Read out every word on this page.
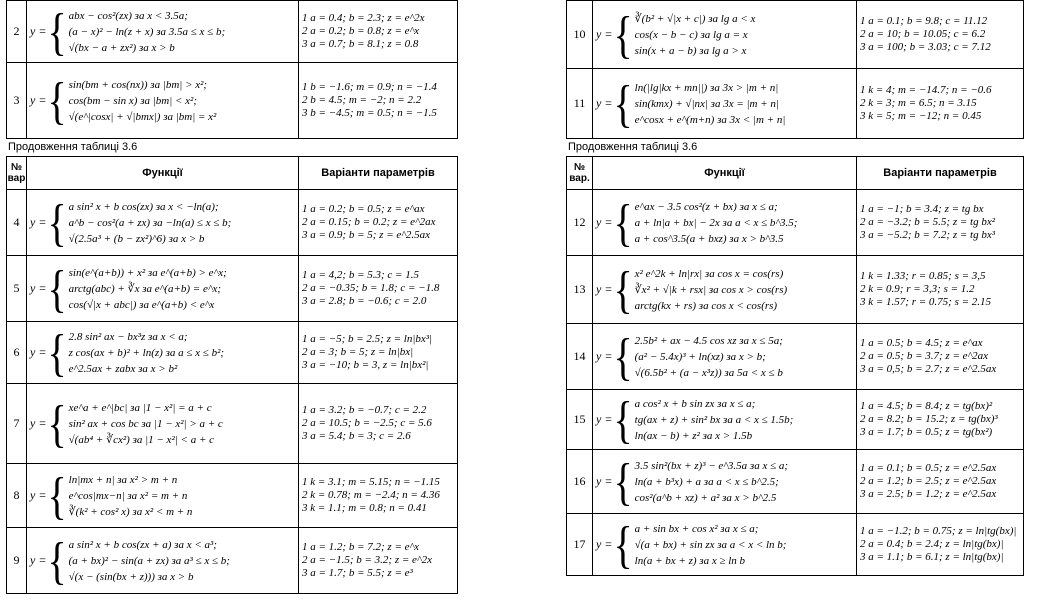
2	y = { abx − cos²(zx) за x < 3.5a;
(a − x)² − ln(z + x) за 3.5a ≤ x ≤ b;
√(bx − a + zx²) за x > b	1 a = 0.4; b = 2.3; z = e^2x
2 a = 0.2; b = 0.8; z = e^x
3 a = 0.7; b = 8.1; z = 0.8

3	y = { sin(bm + cos(nx)) за |bm| > x²;
cos(bm − sin x) за |bm| < x²;
√(e^|cosx| + √|bmx|) за |bm| = x²	1 b = −1.6; m = 0.9; n = −1.4
2 b = 4.5; m = −2; n = 2.2
3 b = −4.5; m = 0.5; n = −1.5
Продовження таблиці 3.6
№ вар	Функції	Варіанти параметрів
4	y = { a sin² x + b cos(zx) за x < −ln(a);
a^b − cos²(a + zx) за −ln(a) ≤ x ≤ b;
√(2.5a³ + (b − zx²)^6) за x > b	1 a = 0.2; b = 0.5; z = e^ax
2 a = 0.15; b = 0.2; z = e^2ax
3 a = 0.9; b = 5; z = e^2.5ax

5	y = { sin(e^(a+b)) + x² за e^(a+b) > e^x;
arctg(abc) + ∛x за e^(a+b) = e^x;
cos(√|x + abc|) за e^(a+b) < e^x	1 a = 4,2; b = 5.3; c = 1.5
2 a = −0.35; b = 1.8; c = −1.8
3 a = 2.8; b = −0.6; c = 2.0

6	y = { 2.8 sin² ax − bx³z за x < a;
z cos(ax + b)² + ln(z) за a ≤ x ≤ b²;
e^2.5ax + zabx за x > b²	1 a = −5; b = 2.5; z = ln|bx³|
2 a = 3; b = 5; z = ln|bx|
3 a = −10; b = 3, z = ln|bx²|

7	y = { xe^a + e^|bc| за |1 − x²| = a + c
sin² ax + cos bc за |1 − x²| > a + c
√(ab⁴ + ∛cx²) за |1 − x²| < a + c	1 a = 3.2; b = −0.7; c = 2.2
2 a = 10.5; b = −2.5; c = 5.6
3 a = 5.4; b = 3; c = 2.6

8	y = { ln|mx + n| за x² > m + n
e^cos|mx−n| за x² = m + n
∛(k² + cos² x) за x² < m + n	1 k = 3.1; m = 5.15; n = −1.15
2 k = 0.78; m = −2.4; n = 4.36
3 k = 1.1; m = 0.8; n = 0.41

9	y = { a sin² x + b cos(zx + a) за x < a³;
(a + bx)² − sin(a + zx) за a³ ≤ x ≤ b;
√(x − (sin(bx + z))) за x > b	1 a = 1.2; b = 7.2; z = e^x
2 a = −1.5; b = 3.2; z = e^2x
3 a = 1.7; b = 5.5; z = e³
10	y = { ∛(b² + √|x + c|) за lg a < x
cos(x − b − c) за lg a = x
sin(x + a − b) за lg a > x	1 a = 0.1; b = 9.8; c = 11.12
2 a = 10; b = 10.05; c = 6.2
3 a = 100; b = 3.03; c = 7.12

11	y = { ln(|lg|kx + mn||) за 3x > |m + n|
sin(kmx) + √|nx| за 3x = |m + n|
e^cosx + e^(m+n) за 3x < |m + n|	1 k = 4; m = −14.7; n = −0.6
2 k = 3; m = 6.5; n = 3.15
3 k = 5; m = −12; n = 0.45
Продовження таблиці 3.6
№ вар.	Функції	Варіанти параметрів
12	y = { e^ax − 3.5 cos²(z + bx) за x ≤ a;
a + ln|a + bx| − 2x за a < x ≤ b^3.5;
a + cos^3.5(a + bxz) за x > b^3.5	1 a = −1; b = 3.4; z = tg bx
2 a = −3.2; b = 5.5; z = tg bx²
3 a = −5.2; b = 7.2; z = tg bx³

13	y = { x² e^2k + ln|rx| за cos x = cos(rs)
∛x² + √|k + rsx| за cos x > cos(rs)
arctg(kx + rs) за cos x < cos(rs)	1 k = 1.33; r = 0.85; s = 3,5
2 k = 0.9; r = 3,3; s = 1.2
3 k = 1.57; r = 0.75; s = 2.15

14	y = { 2.5b² + ax − 4.5 cos xz за x ≤ 5a;
(a² − 5.4x)³ + ln(xz) за x > b;
√(6.5b² + (a − x³z)) за 5a < x ≤ b	1 a = 0.5; b = 4.5; z = e^ax
2 a = 0.5; b = 3.7; z = e^2ax
3 a = 0,5; b = 2.7; z = e^2.5ax

15	y = { a cos² x + b sin zx за x ≤ a;
tg(ax + z) + sin² bx за a < x ≤ 1.5b;
ln(ax − b) + z² за x > 1.5b	1 a = 4.5; b = 8.4; z = tg(bx)²
2 a = 8.2; b = 15.2; z = tg(bx)³
3 a = 1.7; b = 0.5; z = tg(bx²)

16	y = { 3.5 sin²(bx + z)³ − e^3.5a за x ≤ a;
ln(a + b³x) + a за a < x ≤ b^2.5;
cos²(a^b + xz) + a² за x > b^2.5	1 a = 0.1; b = 0.5; z = e^2.5ax
2 a = 1.2; b = 2.5; z = e^2.5ax
3 a = 2.5; b = 1.2; z = e^2.5ax

17	y = { a + sin bx + cos x² за x ≤ a;
√(a + bx) + sin zx за a < x < ln b;
ln(a + bx + z) за x ≥ ln b	1 a = −1.2; b = 0.75; z = ln|tg(bx)|
2 a = 0.4; b = 2.4; z = ln|tg(bx)|
3 a = 1.1; b = 6.1; z = ln|tg(bx)|
